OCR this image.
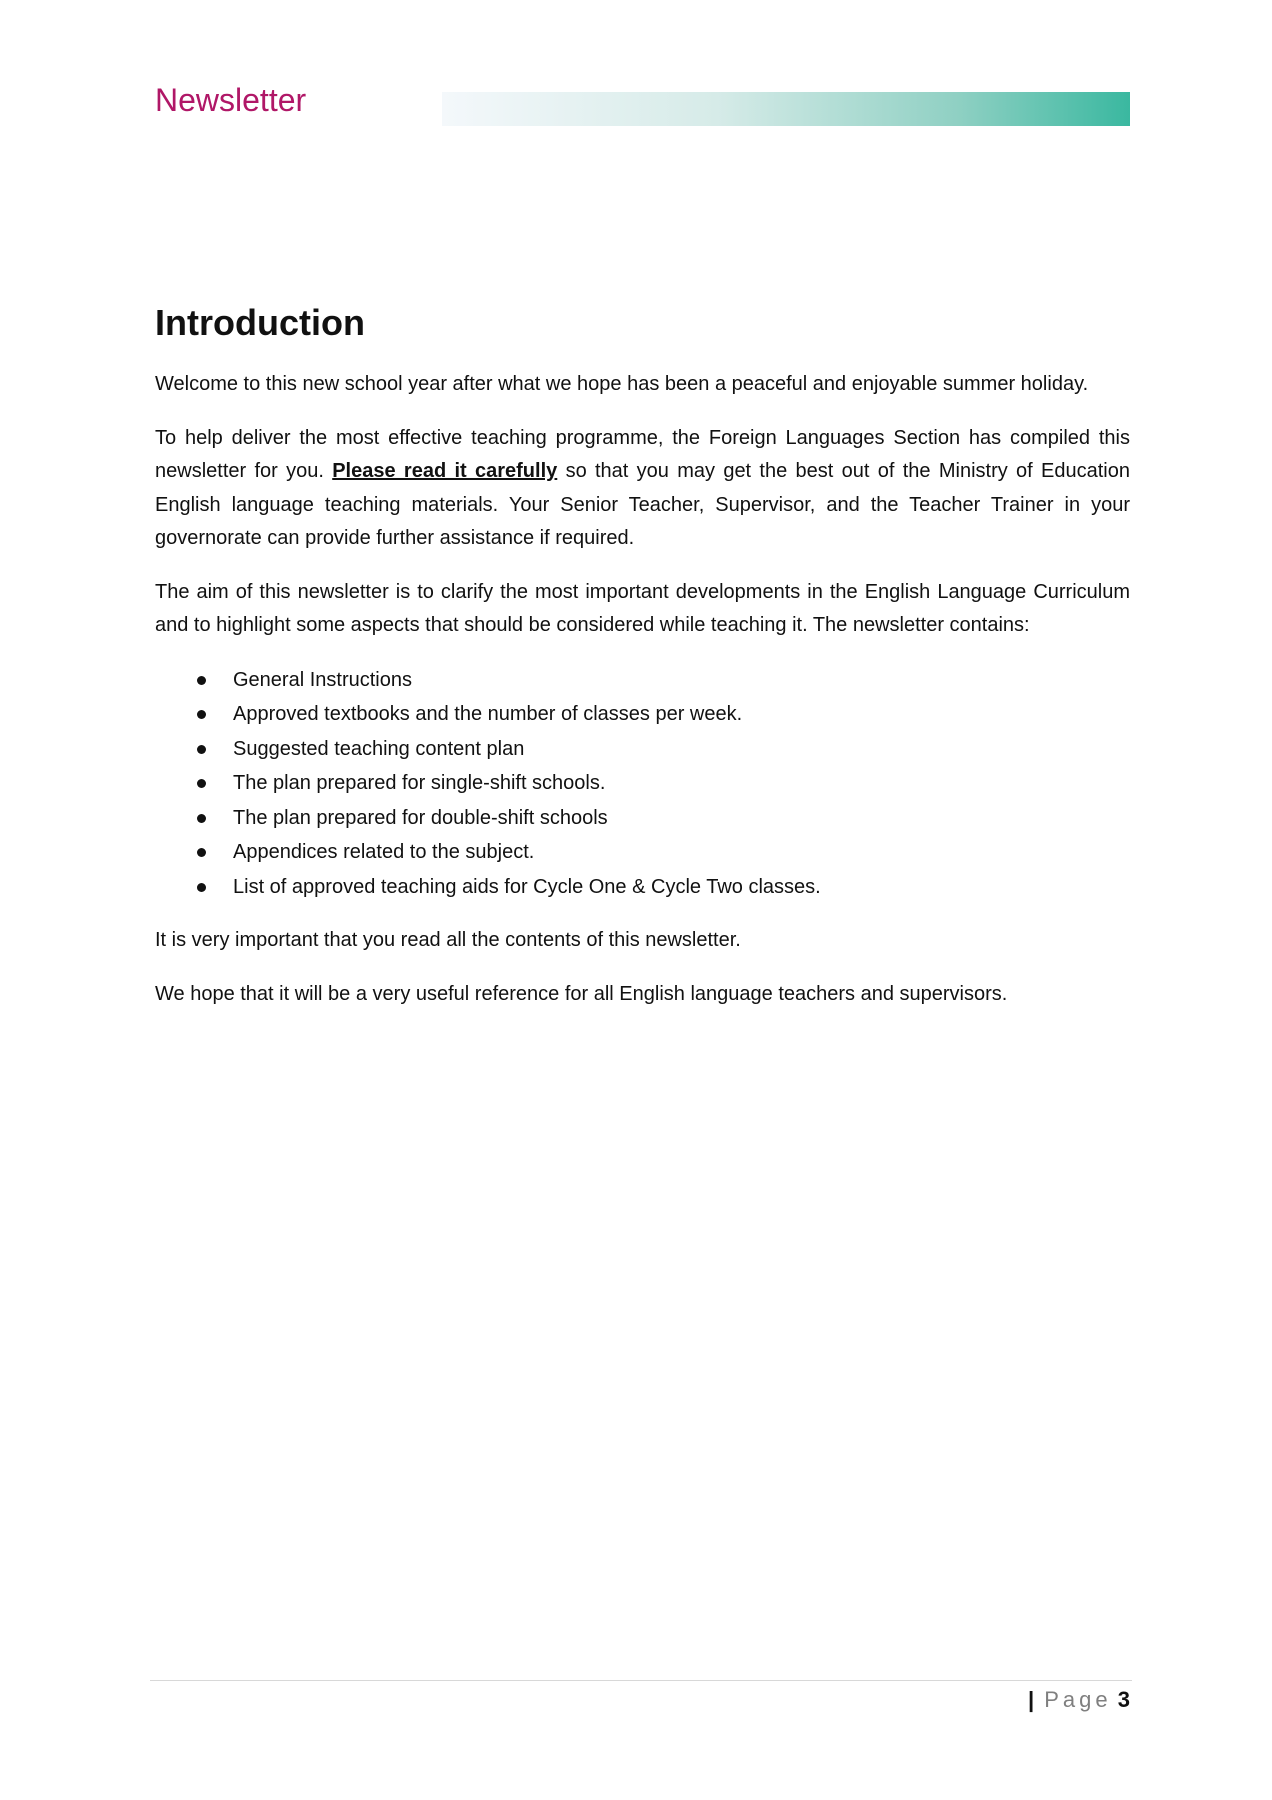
Newsletter
Introduction

Welcome to this new school year after what we hope has been a peaceful and enjoyable summer holiday.

To help deliver the most effective teaching programme, the Foreign Languages Section has compiled this newsletter for you. Please read it carefully so that you may get the best out of the Ministry of Education English language teaching materials. Your Senior Teacher, Supervisor, and the Teacher Trainer in your governorate can provide further assistance if required.

The aim of this newsletter is to clarify the most important developments in the English Language Curriculum and to highlight some aspects that should be considered while teaching it. The newsletter contains:

General Instructions
Approved textbooks and the number of classes per week.
Suggested teaching content plan
The plan prepared for single-shift schools.
The plan prepared for double-shift schools
Appendices related to the subject.
List of approved teaching aids for Cycle One & Cycle Two classes.

It is very important that you read all the contents of this newsletter.

We hope that it will be a very useful reference for all English language teachers and supervisors.

| Page 3
